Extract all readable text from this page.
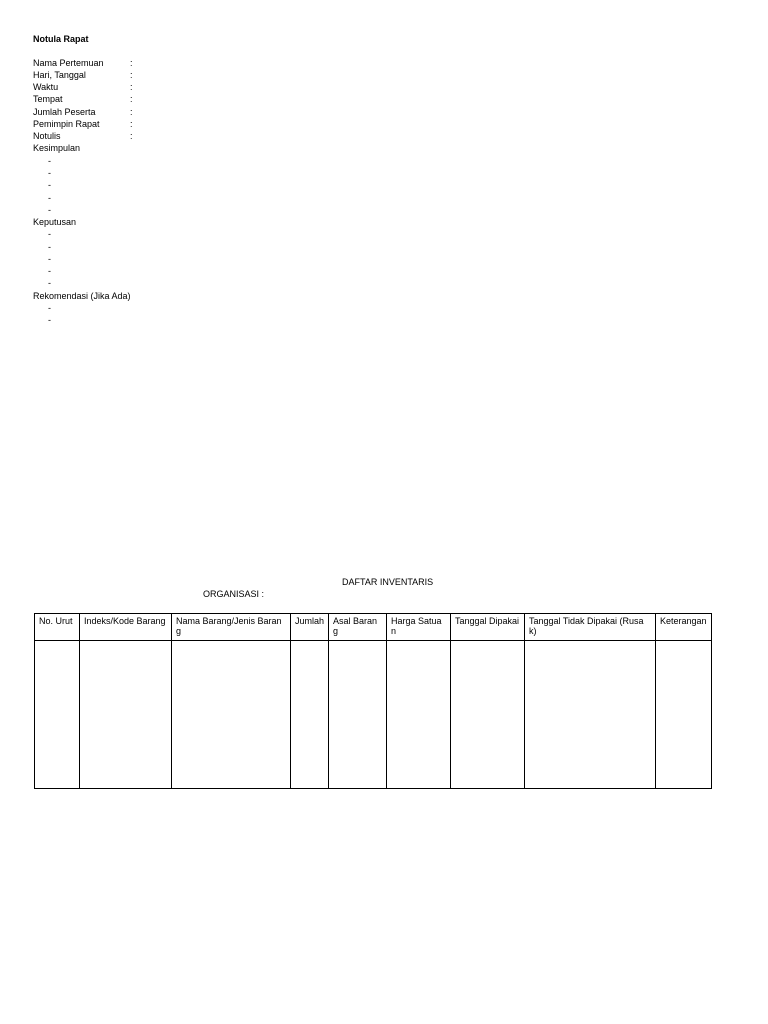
Notula Rapat
Nama Pertemuan	:
Hari, Tanggal	:
Waktu	:
Tempat	:
Jumlah Peserta	:
Pemimpin Rapat	:
Notulis	:
Kesimpulan
-
-
-
-
-
Keputusan
-
-
-
-
-
Rekomendasi (Jika Ada)
-
-
DAFTAR INVENTARIS
ORGANISASI :
No. Urut	Indeks/Kode Barang	Nama Barang/Jenis Barang	Jumlah	Asal Barang	Harga Satuan	Tanggal Dipakai	Tanggal Tidak Dipakai (Rusak)	Keterangan
